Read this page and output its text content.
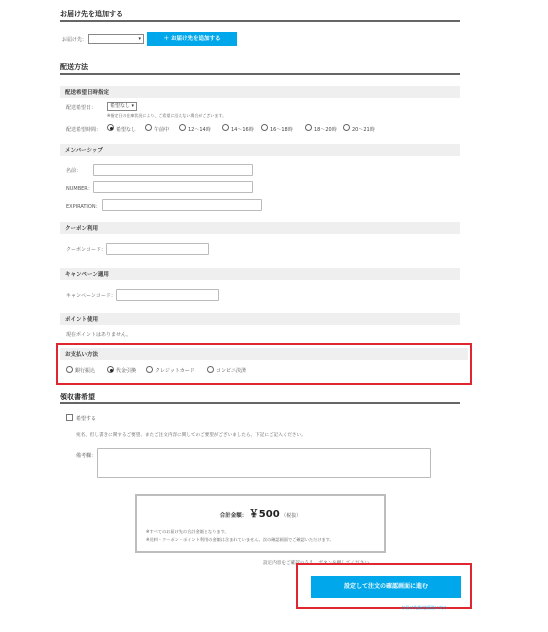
お届け先を追加する
お届け先：	▾	＋ お届け先を追加する
配送方法
配送希望日時指定
配送希望日：	希望なし ▾
※指定日の在庫状況により、ご希望に沿えない場合がございます。
配送希望時間：	希望なし	午前中	12～14時	14～16時	16～18時	18～20時	20～21時
メンバーシップ
名前：
NUMBER：
EXPIRATION：
クーポン利用
クーポンコード：
キャンペーン適用
キャンペーンコード：
ポイント使用
現在ポイントはありません。
お支払い方法
銀行振込	代金引換	クレジットカード	コンビニ決済
領収書希望
希望する
宛名、但し書きに関するご要望、またご注文内容に関してのご要望がございましたら、下記にご記入ください。
備考欄：
合計金額： ￥500 （税抜）
※すべてのお届け先の合計金額となります。
※送料・クーポン・ポイント利用の金額は含まれていません。次の確認画面でご確認いただけます。
設定内容をご確認のうえ、ボタンを押してください。
設定して注文の確認画面に進む
お届け先指定画面に戻る
